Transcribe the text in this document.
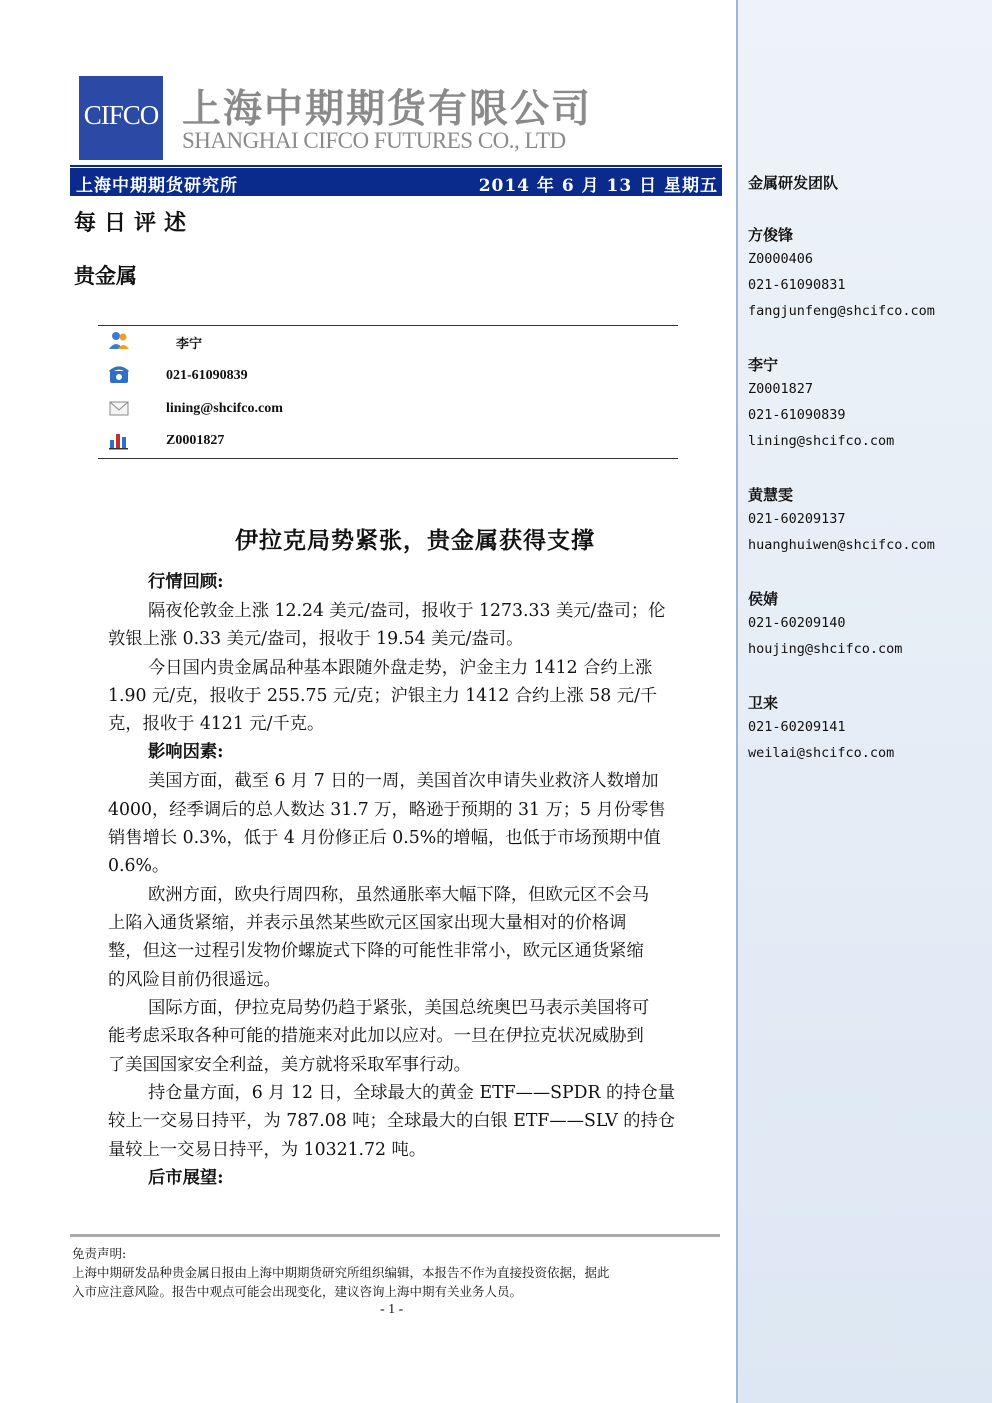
CIFCO 上海中期期货有限公司
SHANGHAI CIFCO FUTURES CO., LTD
上海中期期货研究所	2014 年 6 月 13 日 星期五
每日评述
贵金属
李宁
021-61090839
lining@shcifco.com
Z0001827
伊拉克局势紧张，贵金属获得支撑
行情回顾:
隔夜伦敦金上涨 12.24 美元/盎司，报收于 1273.33 美元/盎司；伦
敦银上涨 0.33 美元/盎司，报收于 19.54 美元/盎司。
今日国内贵金属品种基本跟随外盘走势，沪金主力 1412 合约上涨
1.90 元/克，报收于 255.75 元/克；沪银主力 1412 合约上涨 58 元/千
克，报收于 4121 元/千克。
影响因素:
美国方面，截至 6 月 7 日的一周，美国首次申请失业救济人数增加
4000，经季调后的总人数达 31.7 万，略逊于预期的 31 万；5 月份零售
销售增长 0.3%，低于 4 月份修正后 0.5%的增幅，也低于市场预期中值
0.6%。
欧洲方面，欧央行周四称，虽然通胀率大幅下降，但欧元区不会马
上陷入通货紧缩，并表示虽然某些欧元区国家出现大量相对的价格调
整，但这一过程引发物价螺旋式下降的可能性非常小，欧元区通货紧缩
的风险目前仍很遥远。
国际方面，伊拉克局势仍趋于紧张，美国总统奥巴马表示美国将可
能考虑采取各种可能的措施来对此加以应对。一旦在伊拉克状况威胁到
了美国国家安全利益，美方就将采取军事行动。
持仓量方面，6 月 12 日，全球最大的黄金 ETF——SPDR 的持仓量
较上一交易日持平，为 787.08 吨；全球最大的白银 ETF——SLV 的持仓
量较上一交易日持平，为 10321.72 吨。
后市展望:
免责声明:
上海中期研发品种贵金属日报由上海中期期货研究所组织编辑，本报告不作为直接投资依据，据此
入市应注意风险。报告中观点可能会出现变化，建议咨询上海中期有关业务人员。
- 1 -
金属研发团队
方俊锋
Z0000406
021-61090831
fangjunfeng@shcifco.com
李宁
Z0001827
021-61090839
lining@shcifco.com
黄慧雯
021-60209137
huanghuiwen@shcifco.com
侯婧
021-60209140
houjing@shcifco.com
卫来
021-60209141
weilai@shcifco.com
